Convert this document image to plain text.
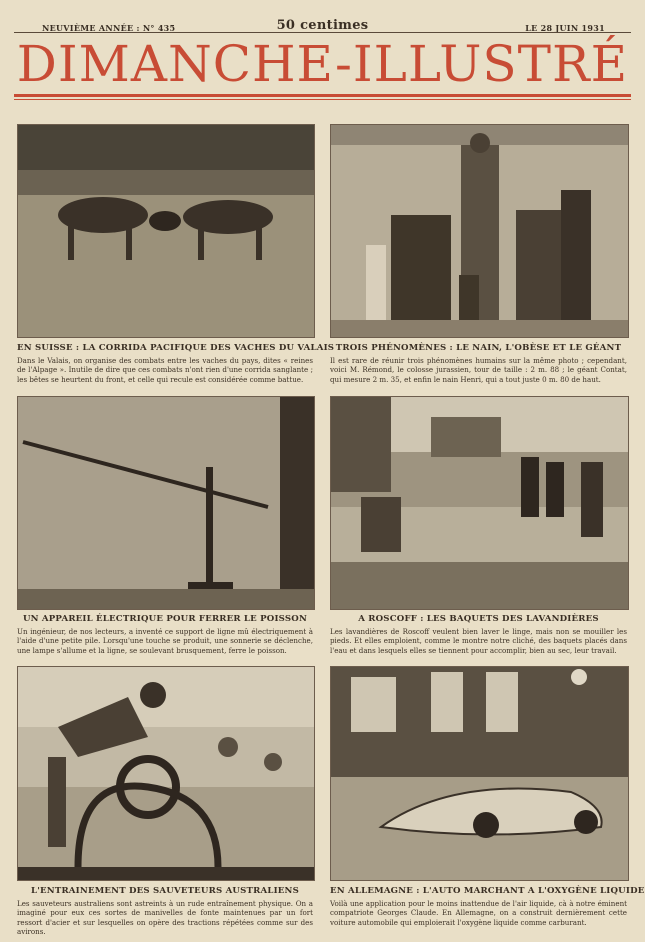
NEUVIÈME ANNÉE : N° 435	50 centimes	LE 28 JUIN 1931
DIMANCHE-ILLUSTRÉ
EN SUISSE : LA CORRIDA PACIFIQUE DES VACHES DU VALAIS
Dans le Valais, on organise des combats entre les vaches du pays, dites « reines de l'Alpage ». Inutile de dire que ces combats n'ont rien d'une corrida sanglante ; les bêtes se heurtent du front, et celle qui recule est considérée comme battue.
TROIS PHÉNOMÈNES : LE NAIN, L'OBÈSE ET LE GÉANT
Il est rare de réunir trois phénomènes humains sur la même photo ; cependant, voici M. Rémond, le colosse jurassien, tour de taille : 2 m. 88 ; le géant Contat, qui mesure 2 m. 35, et enfin le nain Henri, qui a tout juste 0 m. 80 de haut.
UN APPAREIL ÉLECTRIQUE POUR FERRER LE POISSON
Un ingénieur, de nos lecteurs, a inventé ce support de ligne mû électriquement à l'aide d'une petite pile. Lorsqu'une touche se produit, une sonnerie se déclenche, une lampe s'allume et la ligne, se soulevant brusquement, ferre le poisson.
A ROSCOFF : LES BAQUETS DES LAVANDIÈRES
Les lavandières de Roscoff veulent bien laver le linge, mais non se mouiller les pieds. Et elles emploient, comme le montre notre cliché, des baquets placés dans l'eau et dans lesquels elles se tiennent pour accomplir, bien au sec, leur travail.
L'ENTRAINEMENT DES SAUVETEURS AUSTRALIENS
Les sauveteurs australiens sont astreints à un rude entraînement physique. On a imaginé pour eux ces sortes de manivelles de fonte maintenues par un fort ressort d'acier et sur lesquelles on opère des tractions répétées comme sur des avirons.
EN ALLEMAGNE : L'AUTO MARCHANT A L'OXYGÈNE LIQUIDE
Voilà une application pour le moins inattendue de l'air liquide, cà à notre éminent compatriote Georges Claude. En Allemagne, on a construit dernièrement cette voiture automobile qui emploierait l'oxygène liquide comme carburant.
